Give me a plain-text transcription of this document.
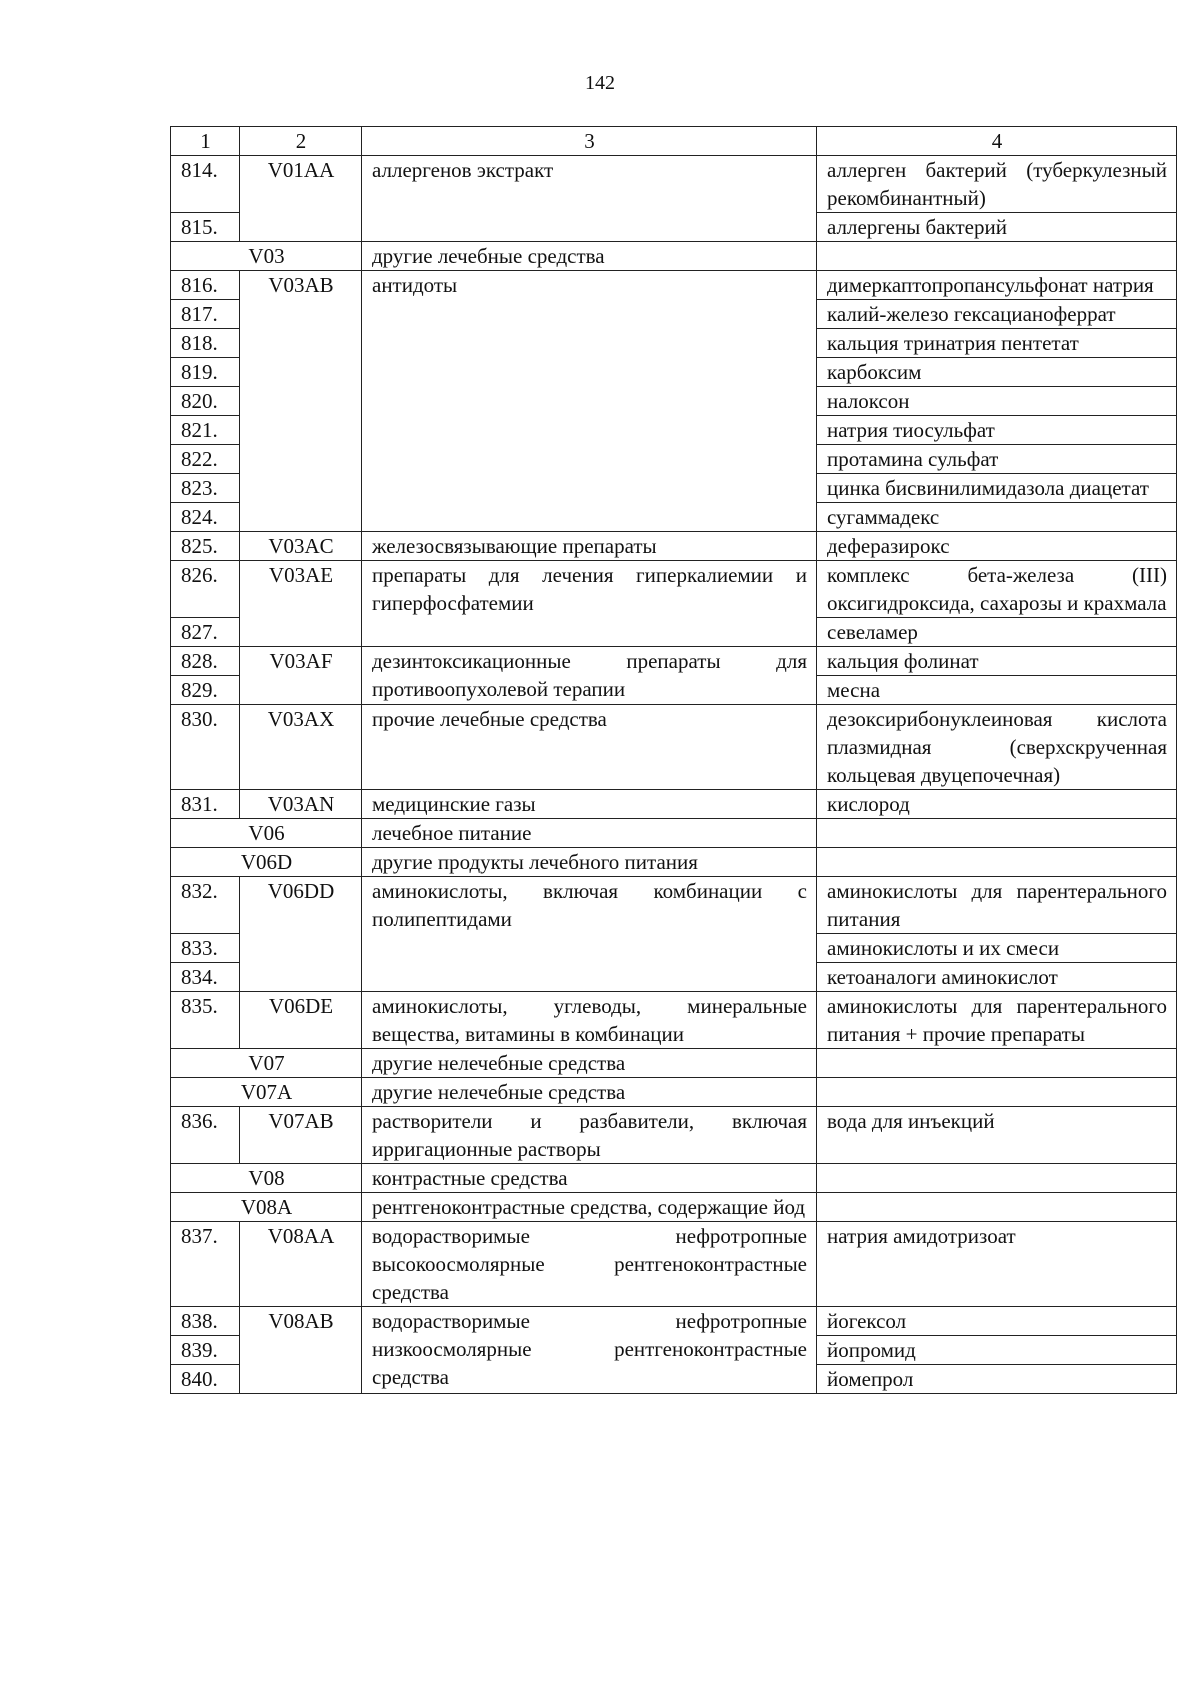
142
1	2	3	4
814.	V01AA	аллергенов экстракт	аллерген бактерий (туберкулезный рекомбинантный)
815.			аллергены бактерий
V03		другие лечебные средства	
816.	V03AB	антидоты	димеркаптопропансульфонат натрия
817.			калий-железо гексацианоферрат
818.			кальция тринатрия пентетат
819.			карбоксим
820.			налоксон
821.			натрия тиосульфат
822.			протамина сульфат
823.			цинка бисвинилимидазола диацетат
824.			сугаммадекс
825.	V03AC	железосвязывающие препараты	деферазирокс
826.	V03AE	препараты для лечения гиперкалиемии и гиперфосфатемии	комплекс бета-железа (III) оксигидроксида, сахарозы и крахмала
827.			севеламер
828.	V03AF	дезинтоксикационные препараты для противоопухолевой терапии	кальция фолинат
829.			месна
830.	V03AX	прочие лечебные средства	дезоксирибонуклеиновая кислота плазмидная (сверхскрученная кольцевая двуцепочечная)
831.	V03AN	медицинские газы	кислород
V06		лечебное питание	
V06D		другие продукты лечебного питания	
832.	V06DD	аминокислоты, включая комбинации с полипептидами	аминокислоты для парентерального питания
833.			аминокислоты и их смеси
834.			кетоаналоги аминокислот
835.	V06DE	аминокислоты, углеводы, минеральные вещества, витамины в комбинации	аминокислоты для парентерального питания + прочие препараты
V07		другие нелечебные средства	
V07A		другие нелечебные средства	
836.	V07AB	растворители и разбавители, включая ирригационные растворы	вода для инъекций
V08		контрастные средства	
V08A		рентгеноконтрастные средства, содержащие йод	
837.	V08AA	водорастворимые нефротропные высокоосмолярные рентгеноконтрастные средства	натрия амидотризоат
838.	V08AB	водорастворимые нефротропные низкоосмолярные рентгеноконтрастные средства	йогексол
839.			йопромид
840.			йомепрол
